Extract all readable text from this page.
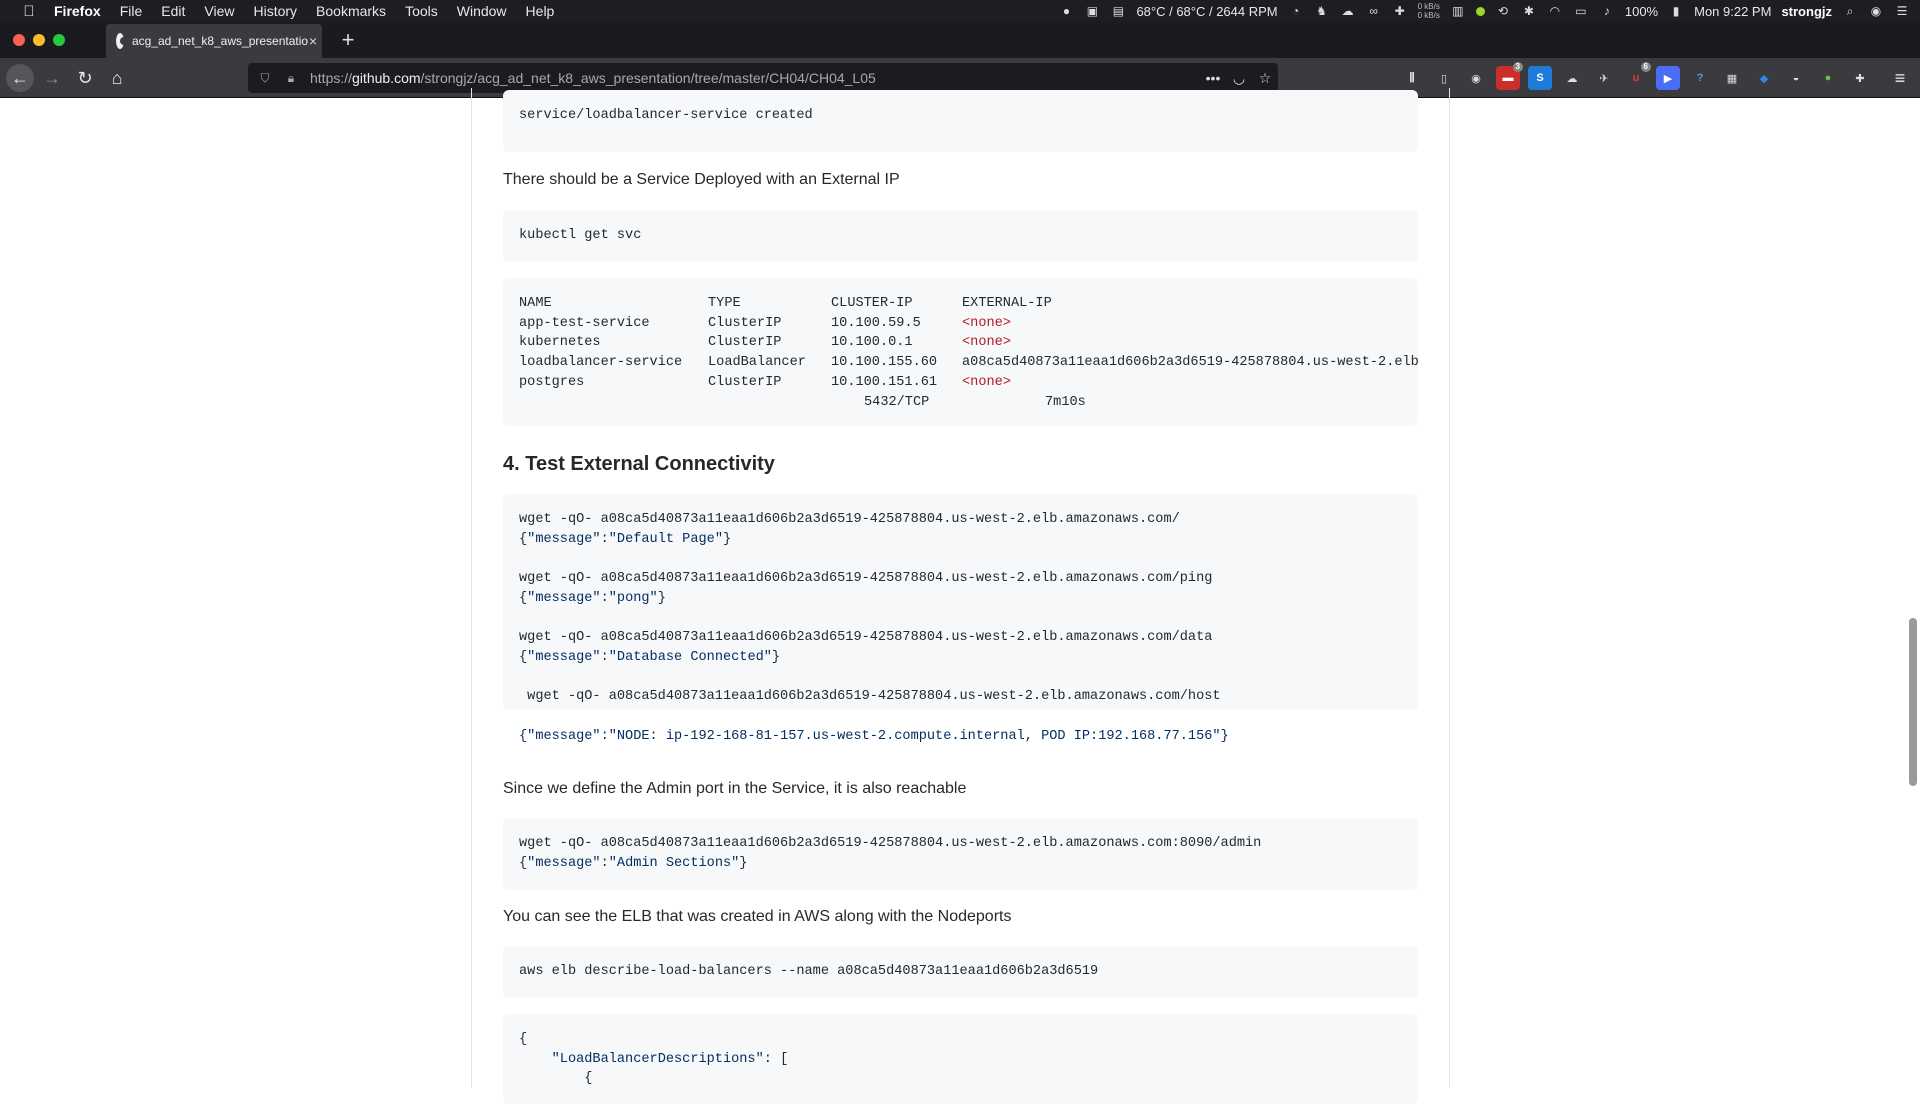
Firefox File Edit View History Bookmarks Tools Window Help	●	▣ ▤ 68°C / 68°C / 2644 RPM	◔	♞ ☁	∞	✚	0 kB/s
0 kB/s ▥	⟲ ✱ ◠ ▭	♪	100%	▮	Mon 9:22 PM strongjz	⌕	◉ ☰
acg_ad_net_k8_aws_presentatio × +
← → ↻	⌂	⛉	🔒︎	https://github.com/strongjz/acg_ad_net_k8_aws_presentation/tree/master/CH04/CH04_L05	••• ◡ ☆	⫼	▯	◉	▬
3
S	☁	✈	u
6
▶	?	▦	◆	◒	●	✚	≡
service/loadbalancer-service created

There should be a Service Deployed with an External IP

kubectl get svc
NAME	TYPE	CLUSTER-IP	EXTERNAL-IP
app-test-service	ClusterIP	10.100.59.5	<none>
kubernetes	ClusterIP	10.100.0.1	<none>
loadbalancer-service LoadBalancer 10.100.155.60 a08ca5d40873a11eaa1d606b2a3d6519-425878804.us-west-2.elb
postgres	ClusterIP	10.100.151.61 <none>
5432/TCP	7m10s
4. Test External Connectivity
wget -qO- a08ca5d40873a11eaa1d606b2a3d6519-425878804.us-west-2.elb.amazonaws.com/
{"message":"Default Page"}
wget -qO- a08ca5d40873a11eaa1d606b2a3d6519-425878804.us-west-2.elb.amazonaws.com/ping
{"message":"pong"}
wget -qO- a08ca5d40873a11eaa1d606b2a3d6519-425878804.us-west-2.elb.amazonaws.com/data
{"message":"Database Connected"}
wget -qO- a08ca5d40873a11eaa1d606b2a3d6519-425878804.us-west-2.elb.amazonaws.com/host
{"message":"NODE: ip-192-168-81-157.us-west-2.compute.internal, POD IP:192.168.77.156"}

Since we define the Admin port in the Service, it is also reachable

wget -qO- a08ca5d40873a11eaa1d606b2a3d6519-425878804.us-west-2.elb.amazonaws.com:8090/admin
{"message":"Admin Sections"}

You can see the ELB that was created in AWS along with the Nodeports

aws elb describe-load-balancers --name a08ca5d40873a11eaa1d606b2a3d6519
{
"LoadBalancerDescriptions": [
{
